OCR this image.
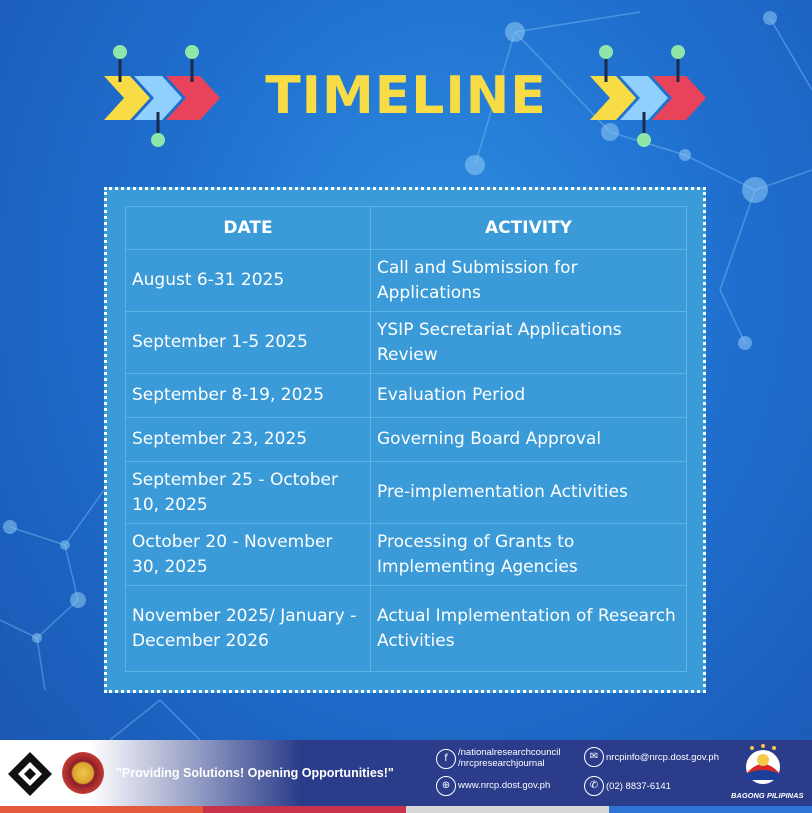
TIMELINE
DATE	ACTIVITY
August 6-31 2025	Call and Submission for Applications
September 1-5 2025	YSIP Secretariat Applications Review
September 8-19, 2025	Evaluation Period
September 23, 2025	Governing Board Approval
September 25 - October 10, 2025	Pre-implementation Activities
October 20 - November 30, 2025	Processing of Grants to Implementing Agencies
November 2025/ January - December 2026	Actual Implementation of Research Activities
"Providing Solutions! Opening Opportunities!"
f
/nationalresearchcouncil
/nrcpresearchjournal
⊕ www.nrcp.dost.gov.ph
✉ nrcpinfo@nrcp.dost.gov.ph
✆ (02) 8837-6141
BAGONG PILIPINAS
